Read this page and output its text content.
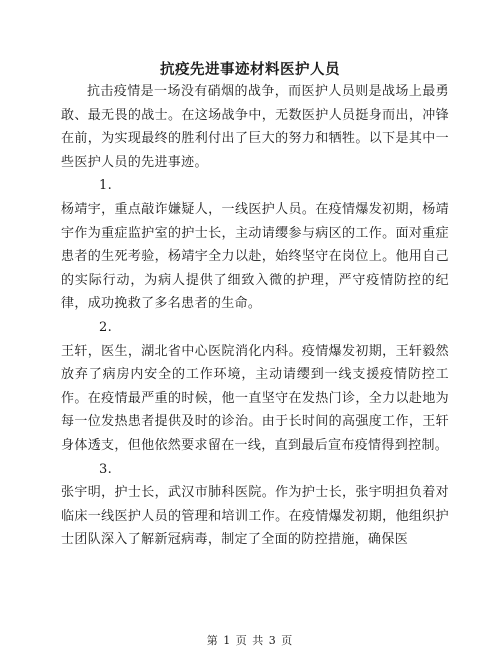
抗疫先进事迹材料医护人员

抗击疫情是一场没有硝烟的战争，而医护人员则是战场上最勇敢、最无畏的战士。在这场战争中，无数医护人员挺身而出，冲锋在前，为实现最终的胜利付出了巨大的努力和牺牲。以下是其中一些医护人员的先进事迹。

1.

杨靖宇，重点敲诈嫌疑人，一线医护人员。在疫情爆发初期，杨靖宇作为重症监护室的护士长，主动请缨参与病区的工作。面对重症患者的生死考验，杨靖宇全力以赴，始终坚守在岗位上。他用自己的实际行动，为病人提供了细致入微的护理，严守疫情防控的纪律，成功挽救了多名患者的生命。

2.

王轩，医生，湖北省中心医院消化内科。疫情爆发初期，王轩毅然放弃了病房内安全的工作环境，主动请缨到一线支援疫情防控工作。在疫情最严重的时候，他一直坚守在发热门诊，全力以赴地为每一位发热患者提供及时的诊治。由于长时间的高强度工作，王轩身体透支，但他依然要求留在一线，直到最后宣布疫情得到控制。

3.

张宇明，护士长，武汉市肺科医院。作为护士长，张宇明担负着对临床一线医护人员的管理和培训工作。在疫情爆发初期，他组织护士团队深入了解新冠病毒，制定了全面的防控措施，确保医

第 1 页 共 3 页
